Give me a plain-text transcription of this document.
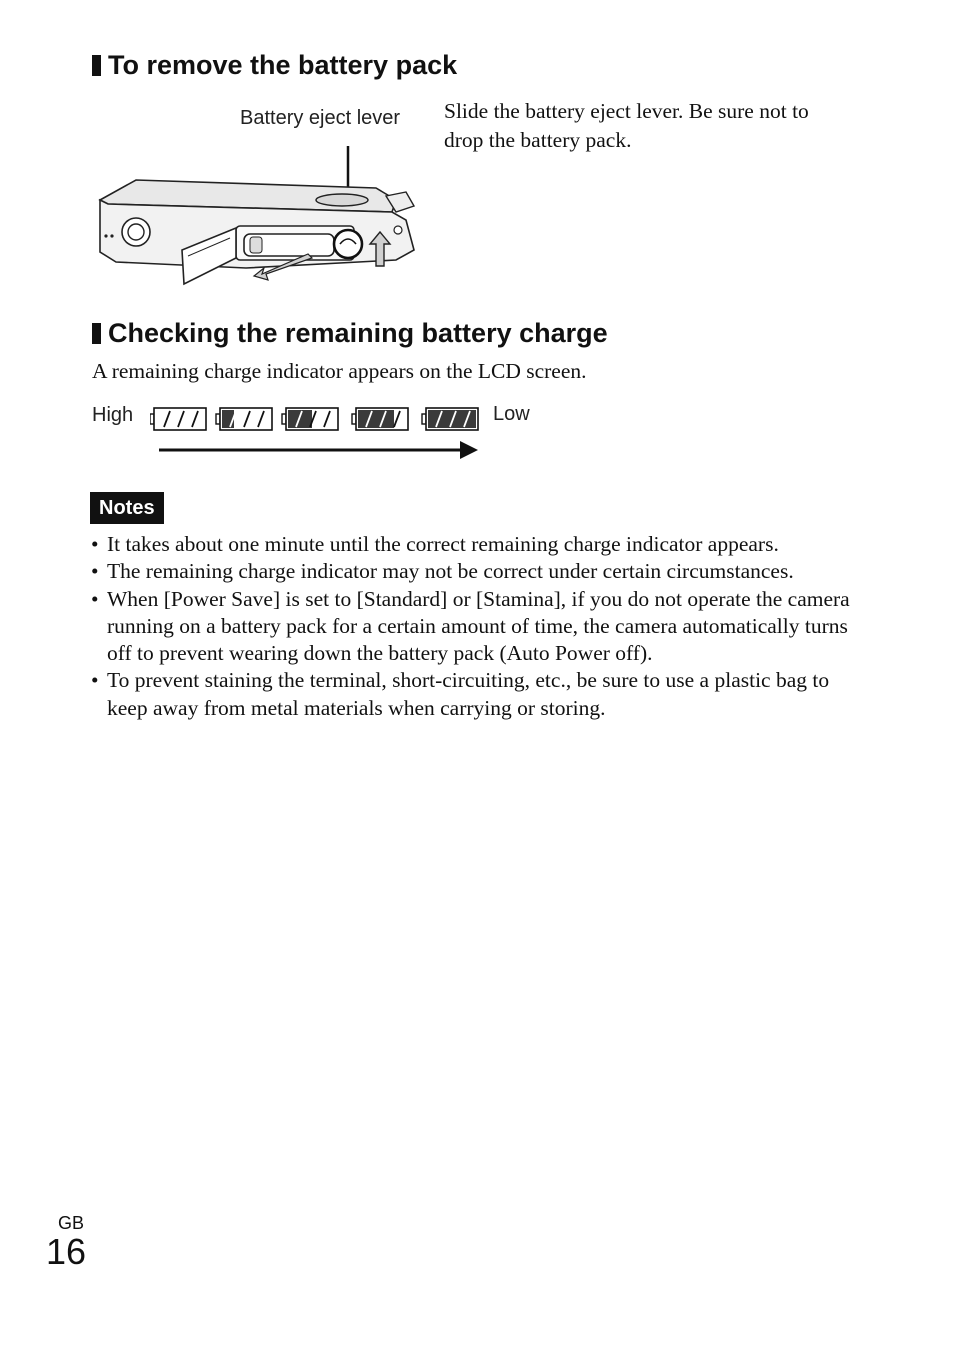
To remove the battery pack
Battery eject lever Slide the battery eject lever. Be sure not to drop the battery pack.
Checking the remaining battery charge
A remaining charge indicator appears on the LCD screen.
High	Low
Notes
• It takes about one minute until the correct remaining charge indicator appears.
• The remaining charge indicator may not be correct under certain circumstances.
• When [Power Save] is set to [Standard] or [Stamina], if you do not operate the camera running on a battery pack for a certain amount of time, the camera automatically turns off to prevent wearing down the battery pack (Auto Power off).
• To prevent staining the terminal, short-circuiting, etc., be sure to use a plastic bag to keep away from metal materials when carrying or storing.
GB
16
